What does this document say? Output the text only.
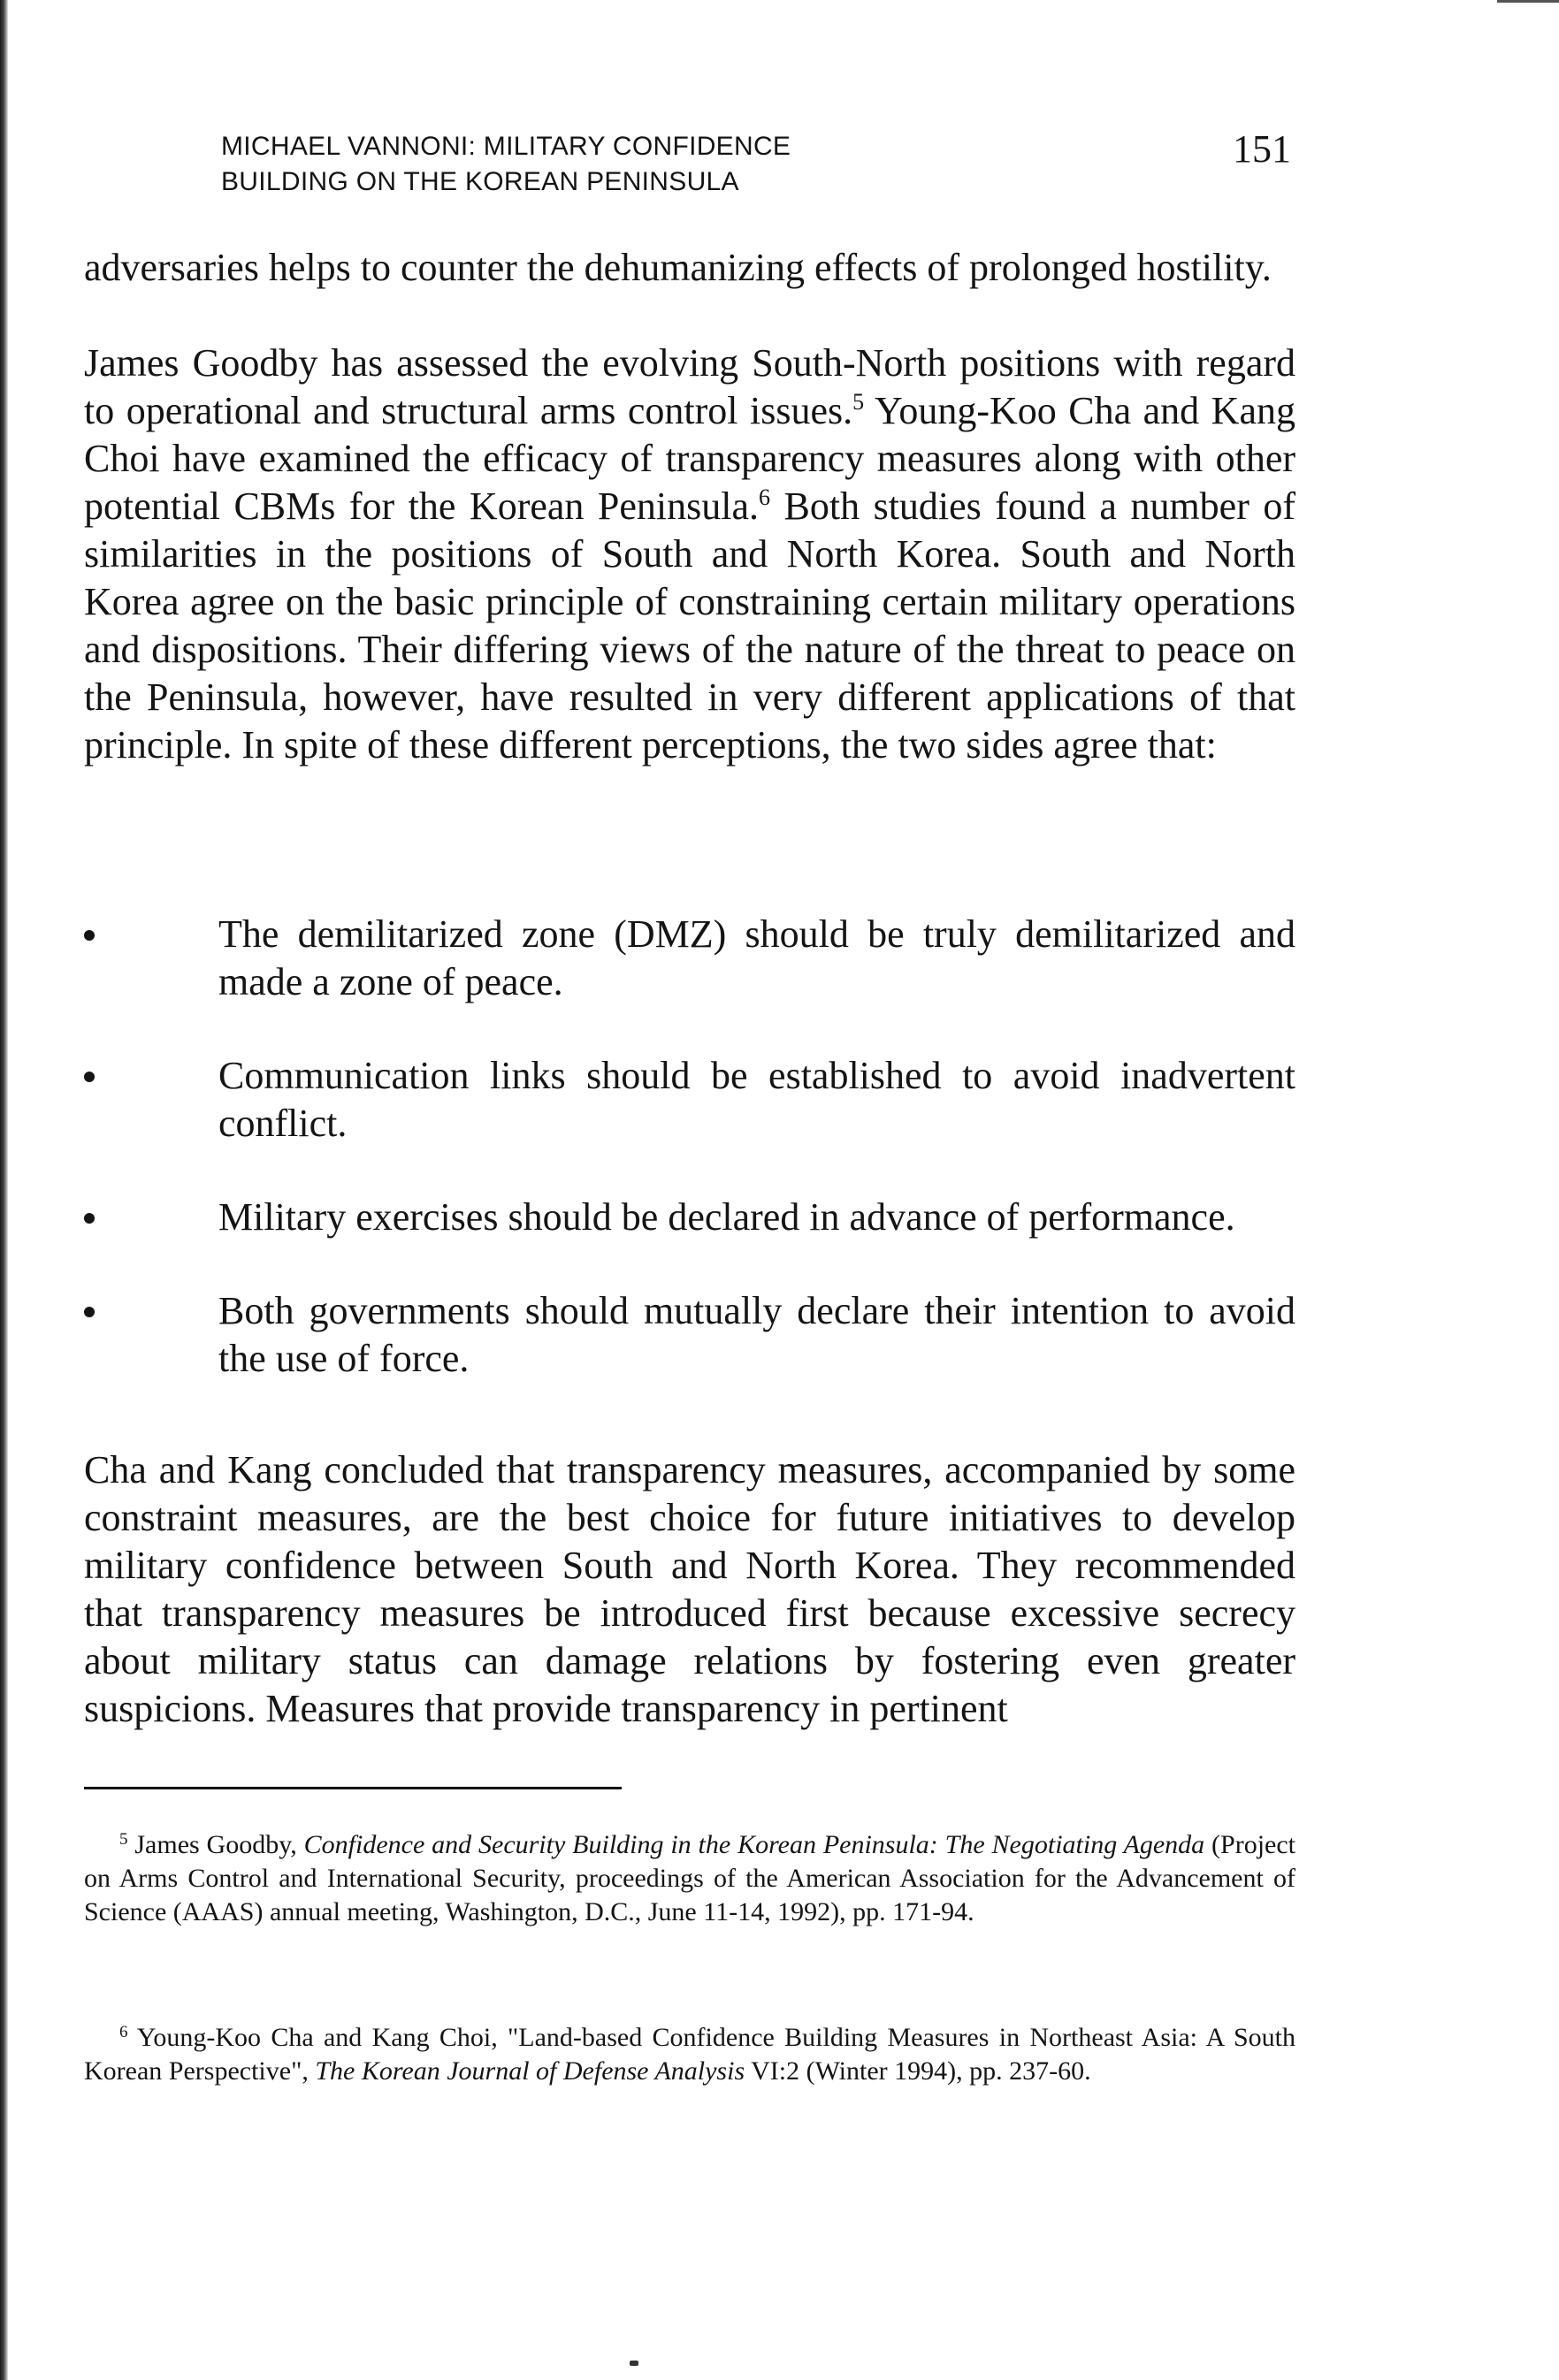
MICHAEL VANNONI: MILITARY CONFIDENCE
BUILDING ON THE KOREAN PENINSULA
151
adversaries helps to counter the dehumanizing effects of prolonged hostility.
James Goodby has assessed the evolving South-North positions with regard to operational and structural arms control issues.$^5$ Young-Koo Cha and Kang Choi have examined the efficacy of transparency measures along with other potential CBMs for the Korean Peninsula.$^6$ Both studies found a number of similarities in the positions of South and North Korea. South and North Korea agree on the basic principle of constraining certain military operations and dispositions. Their differing views of the nature of the threat to peace on the Peninsula, however, have resulted in very different applications of that principle. In spite of these different perceptions, the two sides agree that:
The demilitarized zone (DMZ) should be truly demilitarized and made a zone of peace.
Communication links should be established to avoid inadvertent conflict.
Military exercises should be declared in advance of performance.
Both governments should mutually declare their intention to avoid the use of force.
Cha and Kang concluded that transparency measures, accompanied by some constraint measures, are the best choice for future initiatives to develop military confidence between South and North Korea. They recommended that transparency measures be introduced first because excessive secrecy about military status can damage relations by fostering even greater suspicions. Measures that provide transparency in pertinent
$^5$ James Goodby, Confidence and Security Building in the Korean Peninsula: The Negotiating Agenda (Project on Arms Control and International Security, proceedings of the American Association for the Advancement of Science (AAAS) annual meeting, Washington, D.C., June 11-14, 1992), pp. 171-94.
$^6$ Young-Koo Cha and Kang Choi, "Land-based Confidence Building Measures in Northeast Asia: A South Korean Perspective", The Korean Journal of Defense Analysis VI:2 (Winter 1994), pp. 237-60.
